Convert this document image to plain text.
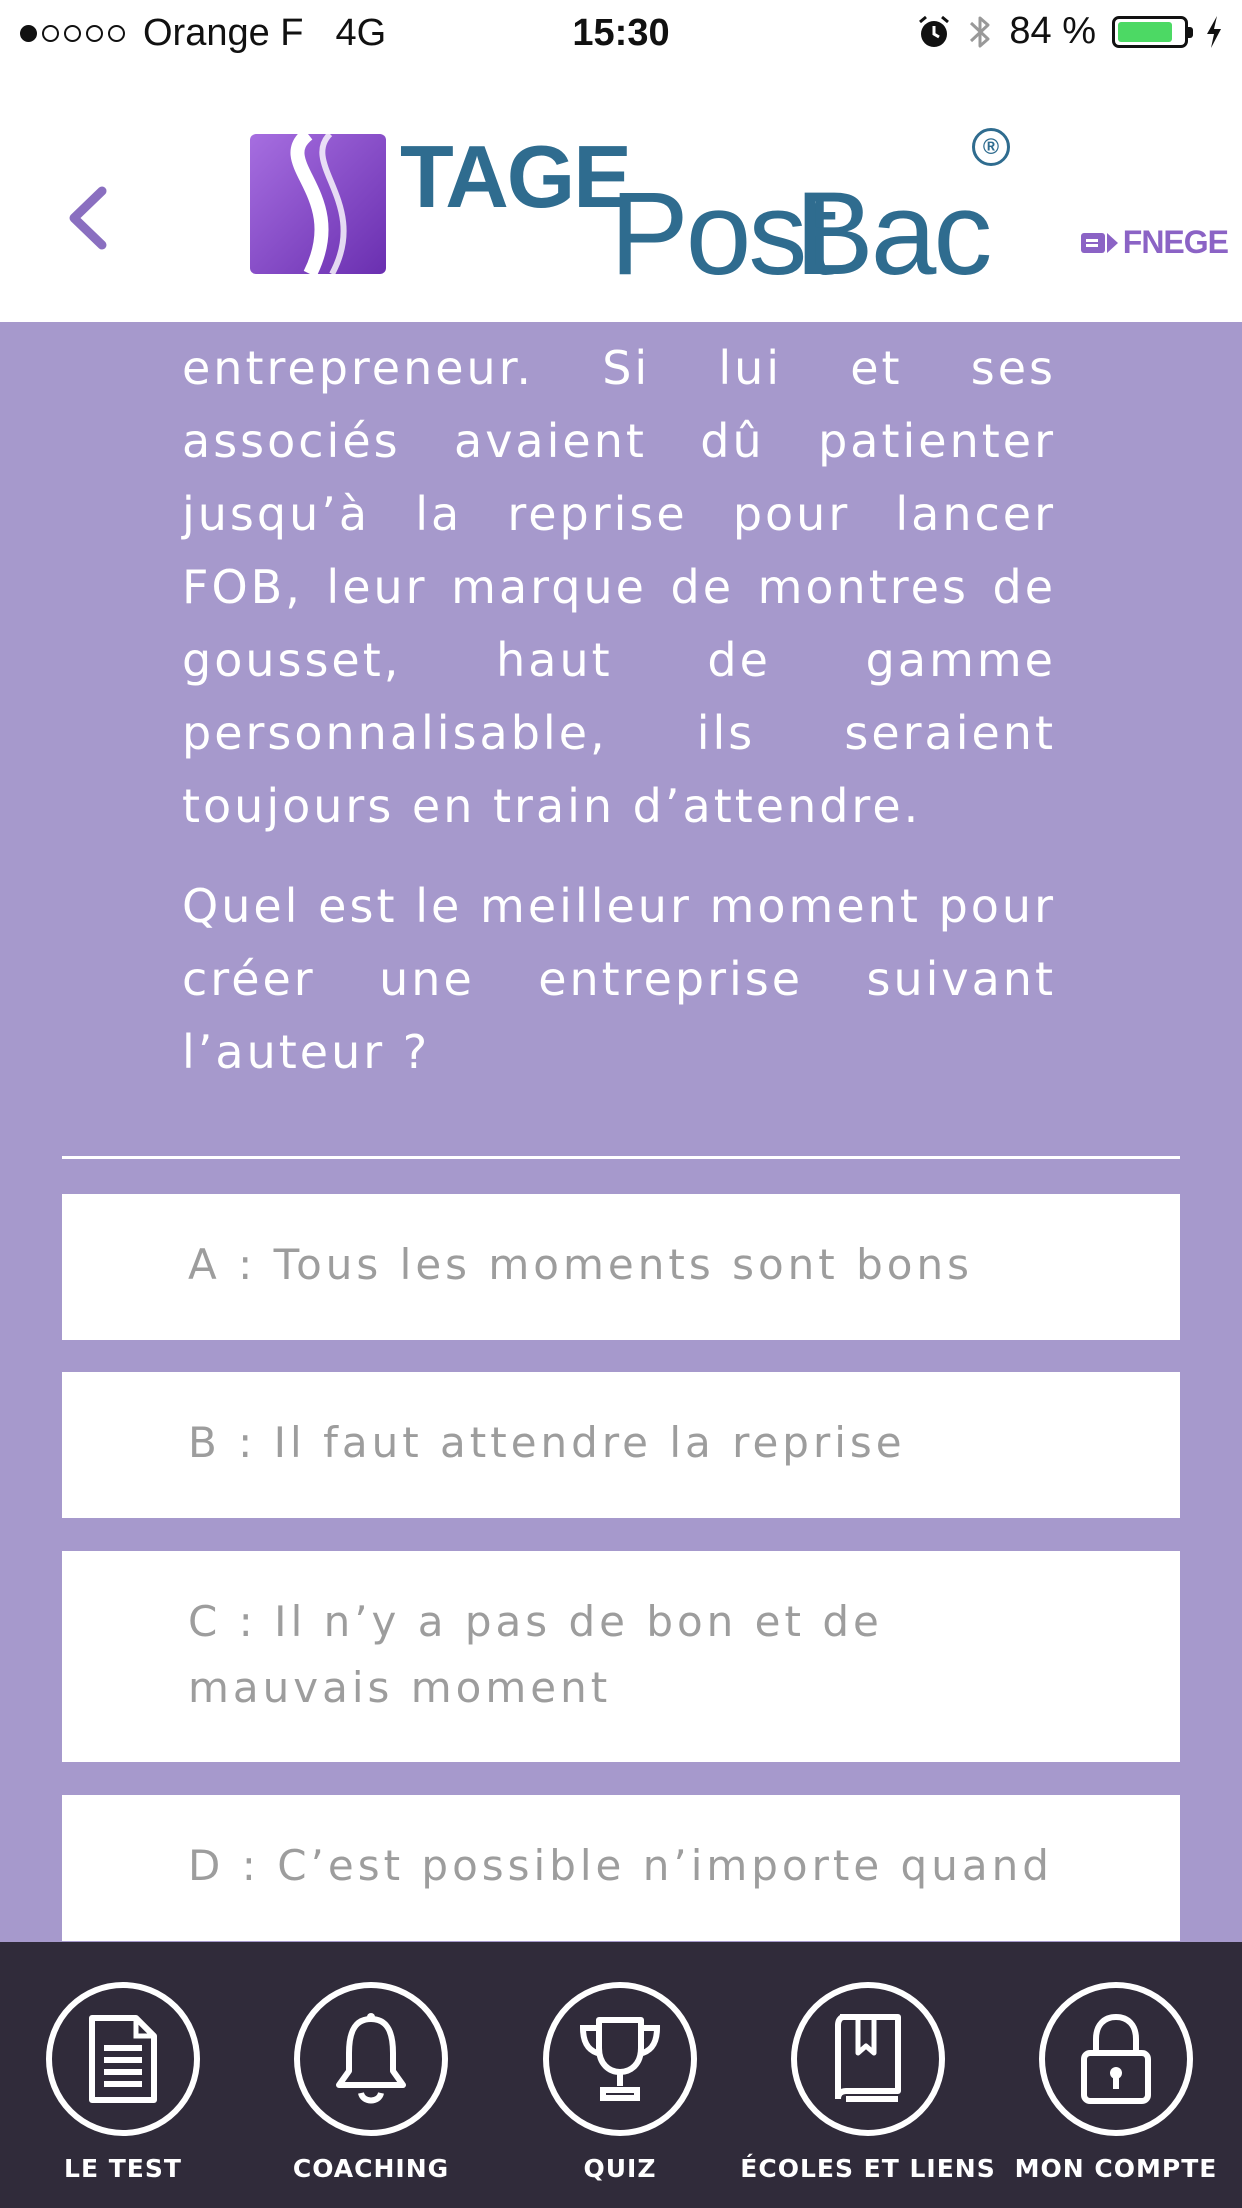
Orange F 4G	15:30	84 %
TAGE
Post
Bac
®
FNEGE

entrepreneur. Si lui et ses associés avaient dû patienter jusqu’à la reprise pour lancer FOB, leur marque de montres de gousset, haut de gamme personnalisable, ils seraient toujours en train d’attendre.

Quel est le meilleur moment pour créer une entreprise suivant l’auteur ?

A : Tous les moments sont bons
B : Il faut attendre la reprise
C : Il n’y a pas de bon et de mauvais moment
D : C’est possible n’importe quand
LE TEST	COACHING	QUIZ	ÉCOLES ET LIENS MON COMPTE
